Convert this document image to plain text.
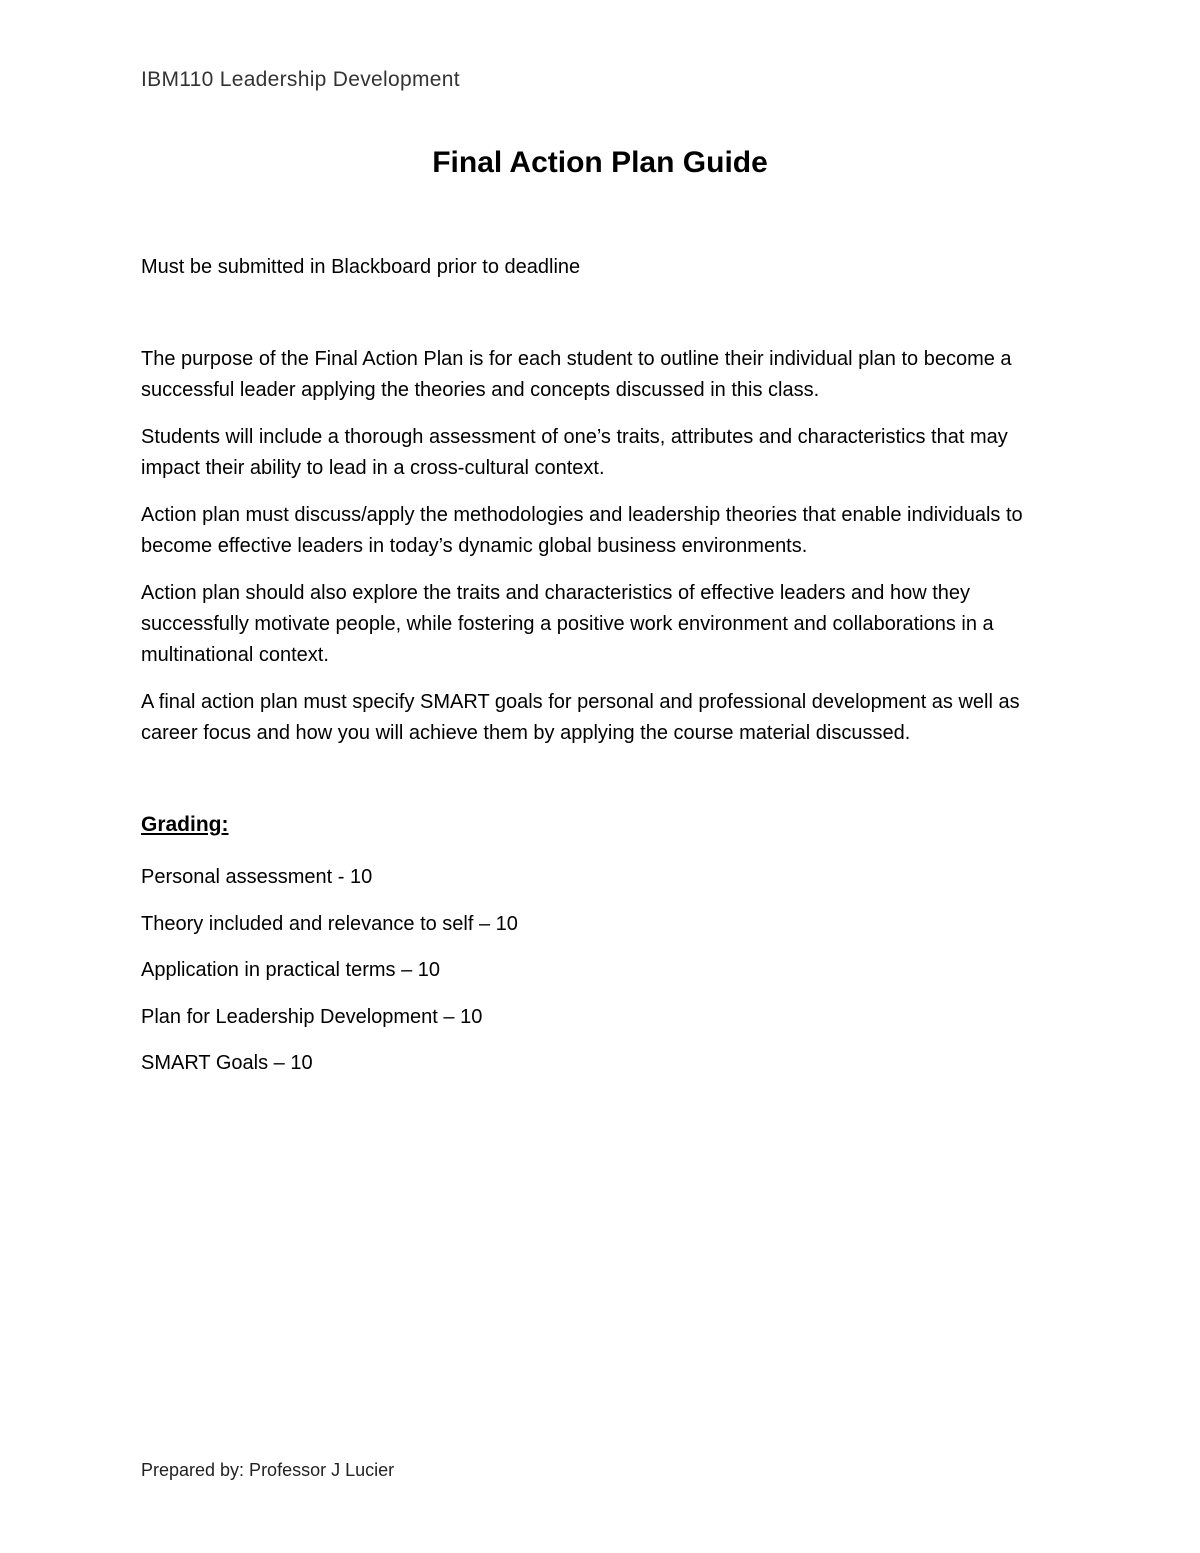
IBM110 Leadership Development
Final Action Plan Guide
Must be submitted in Blackboard prior to deadline

The purpose of the Final Action Plan is for each student to outline their individual plan to become a successful leader applying the theories and concepts discussed in this class.

Students will include a thorough assessment of one’s traits, attributes and characteristics that may impact their ability to lead in a cross-cultural context.

Action plan must discuss/apply the methodologies and leadership theories that enable individuals to become effective leaders in today’s dynamic global business environments.

Action plan should also explore the traits and characteristics of effective leaders and how they successfully motivate people, while fostering a positive work environment and collaborations in a multinational context.

A final action plan must specify SMART goals for personal and professional development as well as career focus and how you will achieve them by applying the course material discussed.

Grading:
Personal assessment - 10
Theory included and relevance to self – 10
Application in practical terms – 10
Plan for Leadership Development – 10
SMART Goals – 10
Prepared by: Professor J Lucier
